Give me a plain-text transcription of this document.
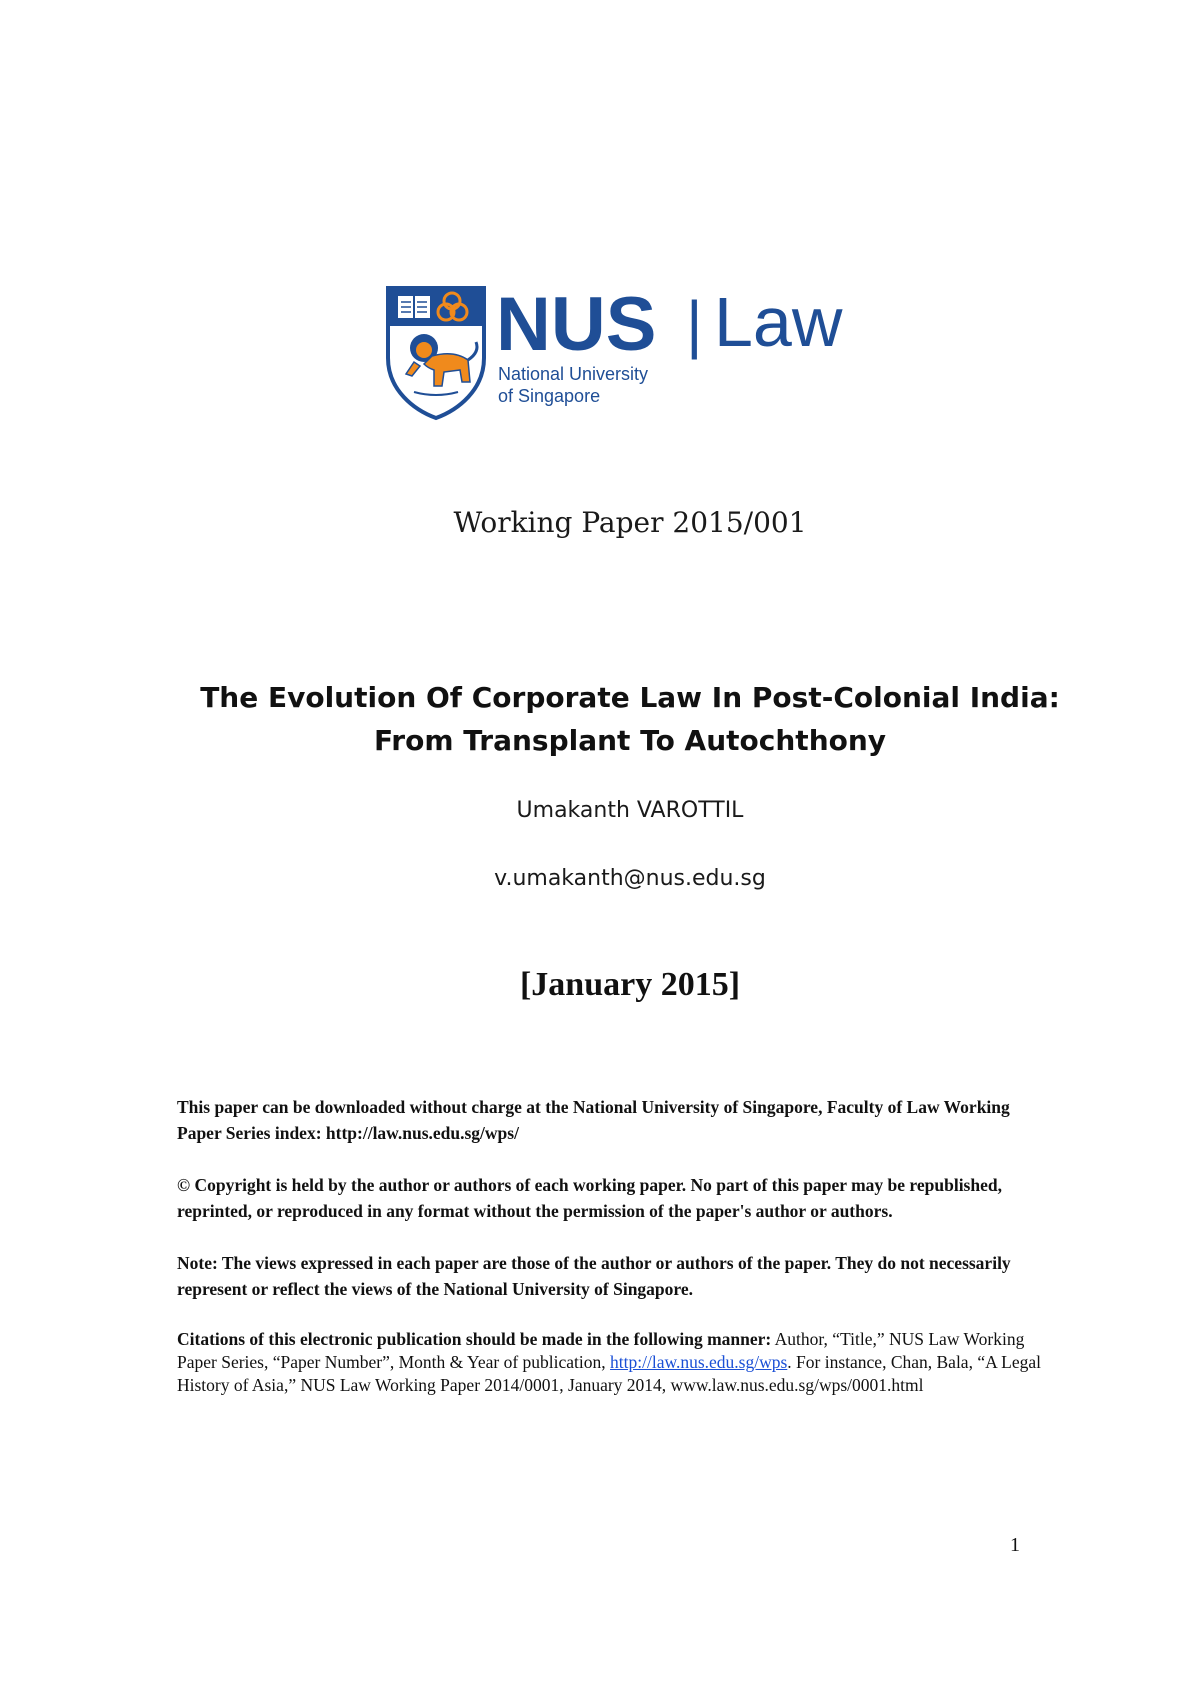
NUS | Law
National University
of Singapore
Working Paper 2015/001
The Evolution Of Corporate Law In Post-Colonial India:
From Transplant To Autochthony
Umakanth VAROTTIL
v.umakanth@nus.edu.sg
[January 2015]

This paper can be downloaded without charge at the National University of Singapore, Faculty of Law Working Paper Series index: http://law.nus.edu.sg/wps/

© Copyright is held by the author or authors of each working paper. No part of this paper may be republished, reprinted, or reproduced in any format without the permission of the paper's author or authors.

Note: The views expressed in each paper are those of the author or authors of the paper. They do not necessarily represent or reflect the views of the National University of Singapore.

Citations of this electronic publication should be made in the following manner: Author, “Title,” NUS Law Working Paper Series, “Paper Number”, Month & Year of publication, http://law.nus.edu.sg/wps. For instance, Chan, Bala, “A Legal History of Asia,” NUS Law Working Paper 2014/0001, January 2014, www.law.nus.edu.sg/wps/0001.html

1
